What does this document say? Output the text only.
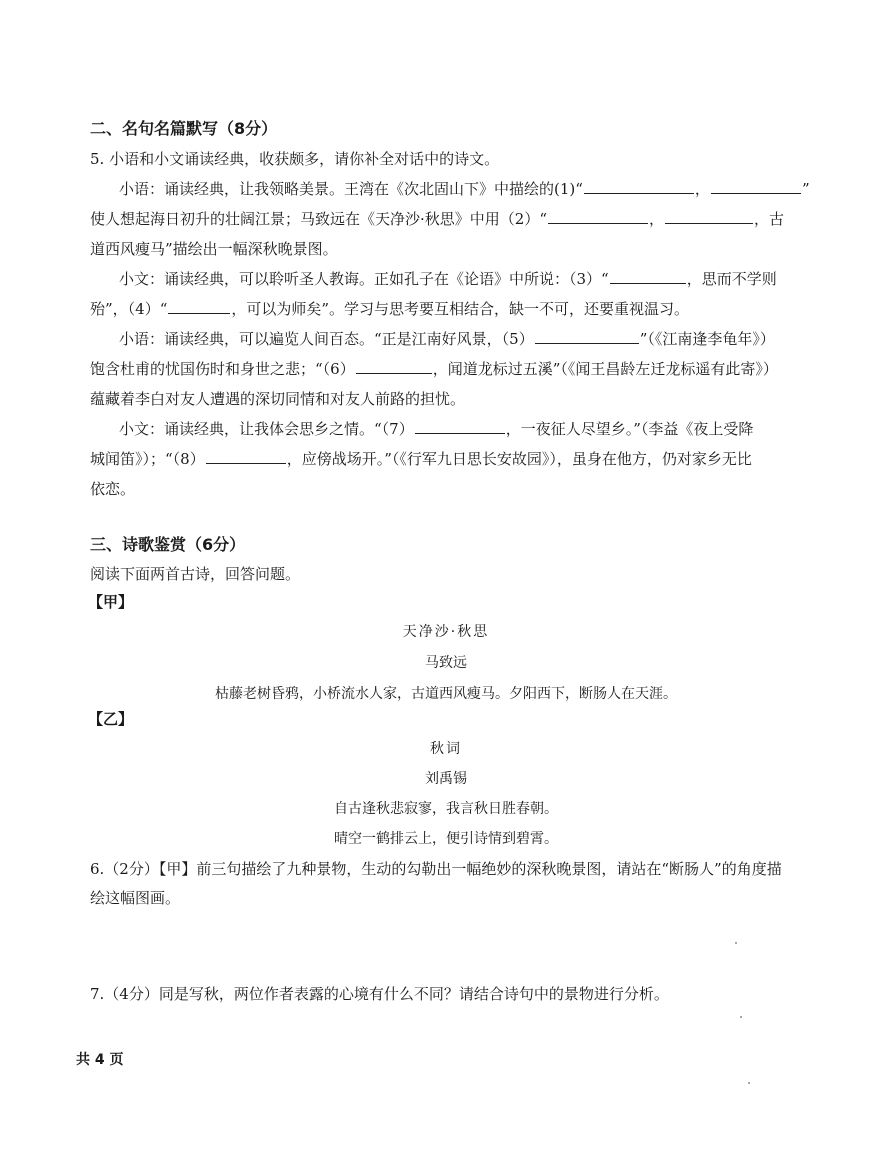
二、名句名篇默写（8分）
5. 小语和小文诵读经典，收获颇多，请你补全对话中的诗文。
小语：诵读经典，让我领略美景。王湾在《次北固山下》中描绘的(1)“	，	”
使人想起海日初升的壮阔江景；马致远在《天净沙·秋思》中用（2）“	，	，古
道西风瘦马”描绘出一幅深秋晚景图。
小文：诵读经典，可以聆听圣人教诲。正如孔子在《论语》中所说：（3）“	，思而不学则
殆”，（4）“	，可以为师矣”。学习与思考要互相结合，缺一不可，还要重视温习。
小语：诵读经典，可以遍览人间百态。“正是江南好风景，（5）	”（《江南逢李龟年》）
饱含杜甫的忧国伤时和身世之悲；“（6）	，闻道龙标过五溪”（《闻王昌龄左迁龙标遥有此寄》）
蕴藏着李白对友人遭遇的深切同情和对友人前路的担忧。
小文：诵读经典，让我体会思乡之情。“（7）	，一夜征人尽望乡。”（李益《夜上受降
城闻笛》）；“（8）	，应傍战场开。”（《行军九日思长安故园》），虽身在他方，仍对家乡无比
依恋。
三、诗歌鉴赏（6分）
阅读下面两首古诗，回答问题。
【甲】
天净沙·秋思
马致远
枯藤老树昏鸦，小桥流水人家，古道西风瘦马。夕阳西下，断肠人在天涯。
【乙】
秋词
刘禹锡
自古逢秋悲寂寥，我言秋日胜春朝。
晴空一鹤排云上，便引诗情到碧霄。
6.（2分）【甲】前三句描绘了九种景物，生动的勾勒出一幅绝妙的深秋晚景图，请站在“断肠人”的角度描
绘这幅图画。
7.（4分）同是写秋，两位作者表露的心境有什么不同？请结合诗句中的景物进行分析。
共 4 页
